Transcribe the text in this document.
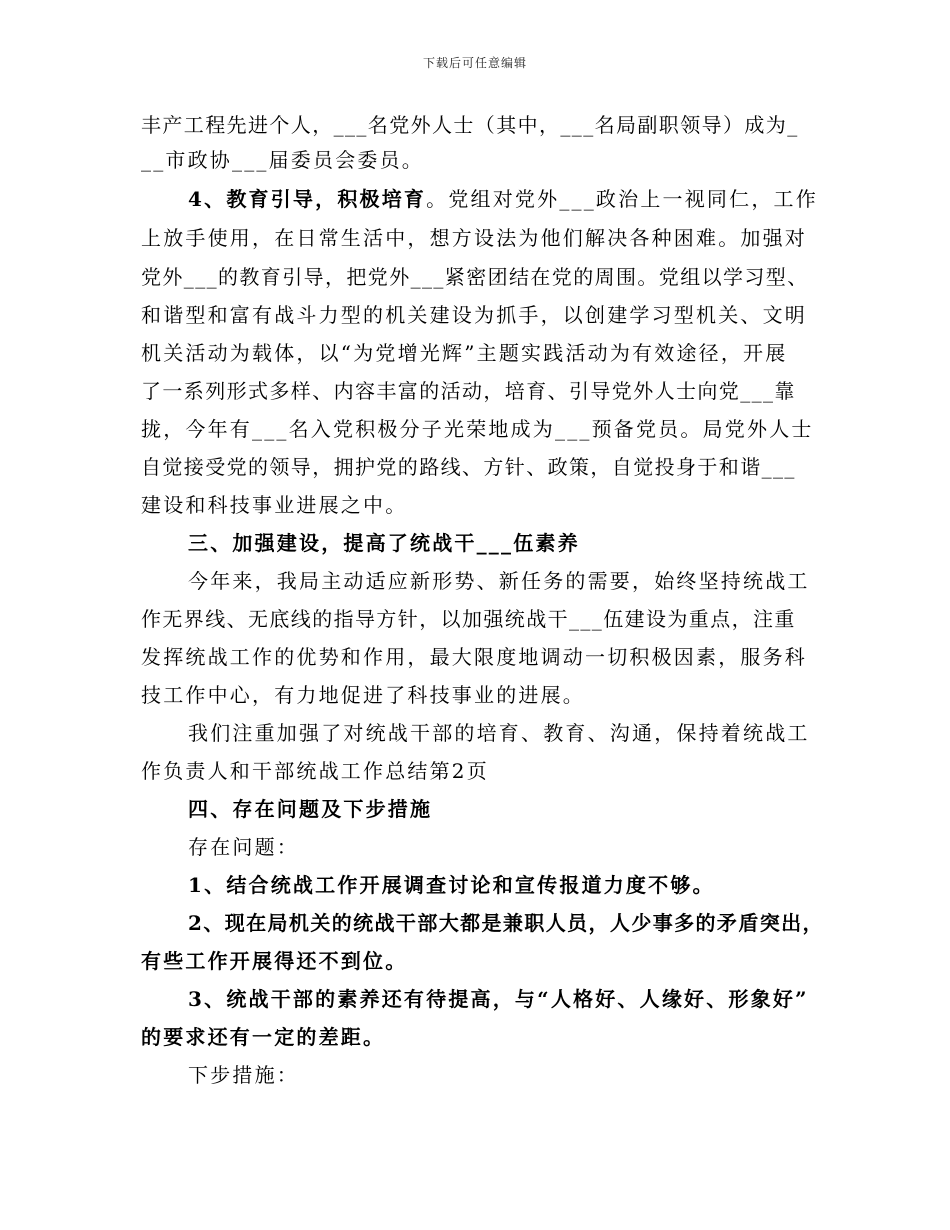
下载后可任意编辑
丰产工程先进个人，___名党外人士（其中，___名局副职领导）成为_
__市政协___届委员会委员。
4、教育引导，积极培育。党组对党外___政治上一视同仁，工作
上放手使用，在日常生活中，想方设法为他们解决各种困难。加强对
党外___的教育引导，把党外___紧密团结在党的周围。党组以学习型、
和谐型和富有战斗力型的机关建设为抓手，以创建学习型机关、文明
机关活动为载体，以“为党增光辉”主题实践活动为有效途径，开展
了一系列形式多样、内容丰富的活动，培育、引导党外人士向党___靠
拢，今年有___名入党积极分子光荣地成为___预备党员。局党外人士
自觉接受党的领导，拥护党的路线、方针、政策，自觉投身于和谐___
建设和科技事业进展之中。
三、加强建设，提高了统战干___伍素养
今年来，我局主动适应新形势、新任务的需要，始终坚持统战工
作无界线、无底线的指导方针，以加强统战干___伍建设为重点，注重
发挥统战工作的优势和作用，最大限度地调动一切积极因素，服务科
技工作中心，有力地促进了科技事业的进展。
我们注重加强了对统战干部的培育、教育、沟通，保持着统战工
作负责人和干部统战工作总结第2页
四、存在问题及下步措施
存在问题：
1、结合统战工作开展调查讨论和宣传报道力度不够。
2、现在局机关的统战干部大都是兼职人员，人少事多的矛盾突出，
有些工作开展得还不到位。
3、统战干部的素养还有待提高，与“人格好、人缘好、形象好”
的要求还有一定的差距。
下步措施：
